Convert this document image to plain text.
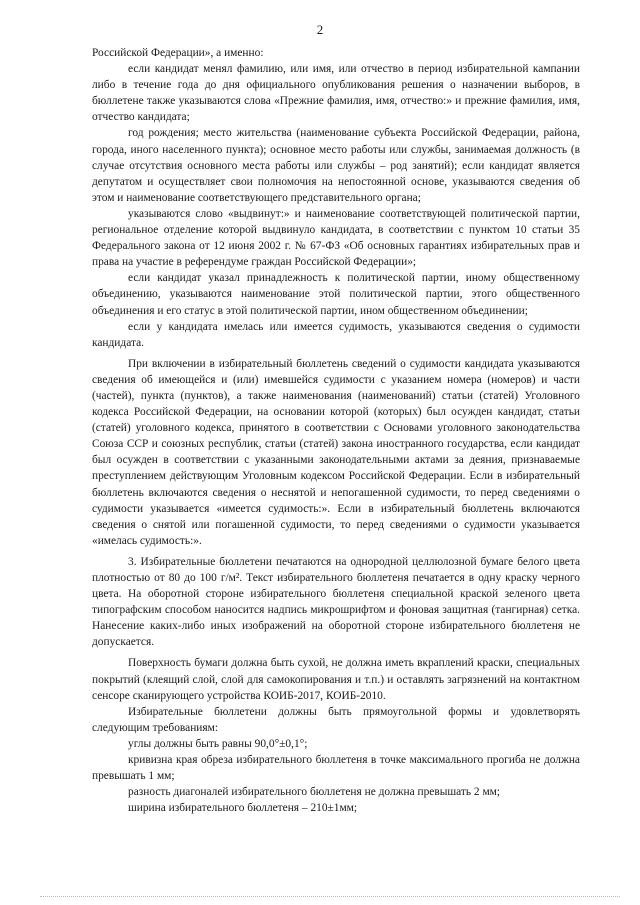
2

Российской Федерации», а именно:

если кандидат менял фамилию, или имя, или отчество в период избирательной кампании либо в течение года до дня официального опубликования решения о назначении выборов, в бюллетене также указываются слова «Прежние фамилия, имя, отчество:» и прежние фамилия, имя, отчество кандидата;

год рождения; место жительства (наименование субъекта Российской Федерации, района, города, иного населенного пункта); основное место работы или службы, занимаемая должность (в случае отсутствия основного места работы или службы – род занятий); если кандидат является депутатом и осуществляет свои полномочия на непостоянной основе, указываются сведения об этом и наименование соответствующего представительного органа;

указываются слово «выдвинут:» и наименование соответствующей политической партии, региональное отделение которой выдвинуло кандидата, в соответствии с пунктом 10 статьи 35 Федерального закона от 12 июня 2002 г. № 67-ФЗ «Об основных гарантиях избирательных прав и права на участие в референдуме граждан Российской Федерации»;

если кандидат указал принадлежность к политической партии, иному общественному объединению, указываются наименование этой политической партии, этого общественного объединения и его статус в этой политической партии, ином общественном объединении;

если у кандидата имелась или имеется судимость, указываются сведения о судимости кандидата.

При включении в избирательный бюллетень сведений о судимости кандидата указываются сведения об имеющейся и (или) имевшейся судимости с указанием номера (номеров) и части (частей), пункта (пунктов), а также наименования (наименований) статьи (статей) Уголовного кодекса Российской Федерации, на основании которой (которых) был осужден кандидат, статьи (статей) уголовного кодекса, принятого в соответствии с Основами уголовного законодательства Союза ССР и союзных республик, статьи (статей) закона иностранного государства, если кандидат был осужден в соответствии с указанными законодательными актами за деяния, признаваемые преступлением действующим Уголовным кодексом Российской Федерации. Если в избирательный бюллетень включаются сведения о неснятой и непогашенной судимости, то перед сведениями о судимости указывается «имеется судимость:». Если в избирательный бюллетень включаются сведения о снятой или погашенной судимости, то перед сведениями о судимости указывается «имелась судимость:».

3. Избирательные бюллетени печатаются на однородной целлюлозной бумаге белого цвета плотностью от 80 до 100 г/м². Текст избирательного бюллетеня печатается в одну краску черного цвета. На оборотной стороне избирательного бюллетеня специальной краской зеленого цвета типографским способом наносится надпись микрошрифтом и фоновая защитная (тангирная) сетка. Нанесение каких-либо иных изображений на оборотной стороне избирательного бюллетеня не допускается.

Поверхность бумаги должна быть сухой, не должна иметь вкраплений краски, специальных покрытий (клеящий слой, слой для самокопирования и т.п.) и оставлять загрязнений на контактном сенсоре сканирующего устройства КОИБ-2017, КОИБ-2010.

Избирательные бюллетени должны быть прямоугольной формы и удовлетворять следующим требованиям:

углы должны быть равны 90,0°±0,1°;

кривизна края обреза избирательного бюллетеня в точке максимального прогиба не должна превышать 1 мм;

разность диагоналей избирательного бюллетеня не должна превышать 2 мм;

ширина избирательного бюллетеня – 210±1мм;
